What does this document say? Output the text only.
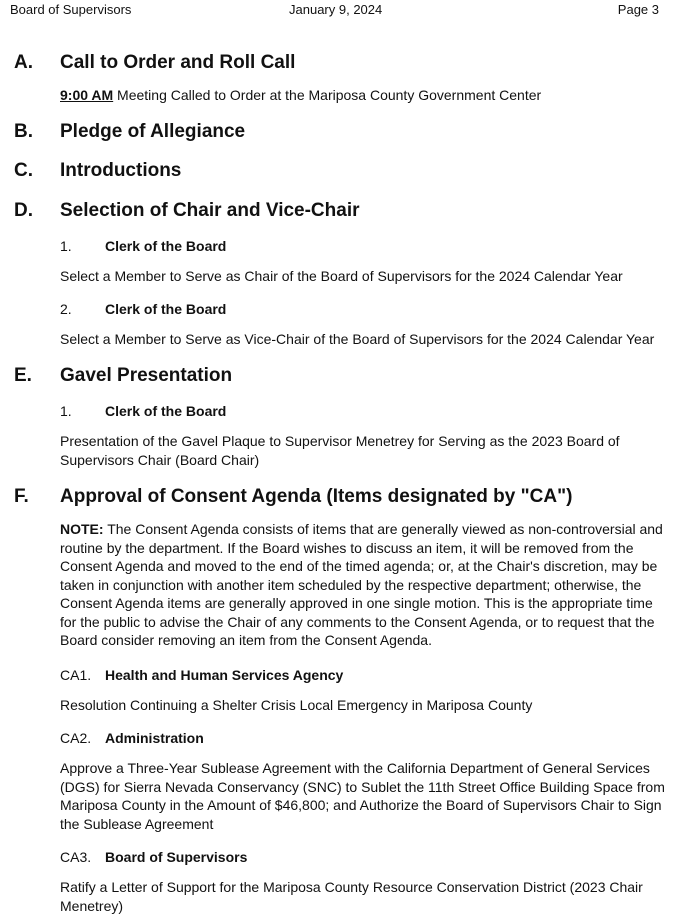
Board of Supervisors	January 9, 2024	Page 3
A. Call to Order and Roll Call
9:00 AM Meeting Called to Order at the Mariposa County Government Center
B. Pledge of Allegiance
C. Introductions
D. Selection of Chair and Vice-Chair
1. Clerk of the Board
Select a Member to Serve as Chair of the Board of Supervisors for the 2024 Calendar Year
2. Clerk of the Board
Select a Member to Serve as Vice-Chair of the Board of Supervisors for the 2024 Calendar Year
E. Gavel Presentation
1. Clerk of the Board
Presentation of the Gavel Plaque to Supervisor Menetrey for Serving as the 2023 Board of Supervisors Chair (Board Chair)
F. Approval of Consent Agenda (Items designated by "CA")
NOTE: The Consent Agenda consists of items that are generally viewed as non-controversial and routine by the department. If the Board wishes to discuss an item, it will be removed from the Consent Agenda and moved to the end of the timed agenda; or, at the Chair's discretion, may be taken in conjunction with another item scheduled by the respective department; otherwise, the Consent Agenda items are generally approved in one single motion. This is the appropriate time for the public to advise the Chair of any comments to the Consent Agenda, or to request that the Board consider removing an item from the Consent Agenda.
CA1. Health and Human Services Agency
Resolution Continuing a Shelter Crisis Local Emergency in Mariposa County
CA2. Administration
Approve a Three-Year Sublease Agreement with the California Department of General Services (DGS) for Sierra Nevada Conservancy (SNC) to Sublet the 11th Street Office Building Space from Mariposa County in the Amount of $46,800; and Authorize the Board of Supervisors Chair to Sign the Sublease Agreement
CA3. Board of Supervisors
Ratify a Letter of Support for the Mariposa County Resource Conservation District (2023 Chair Menetrey)
